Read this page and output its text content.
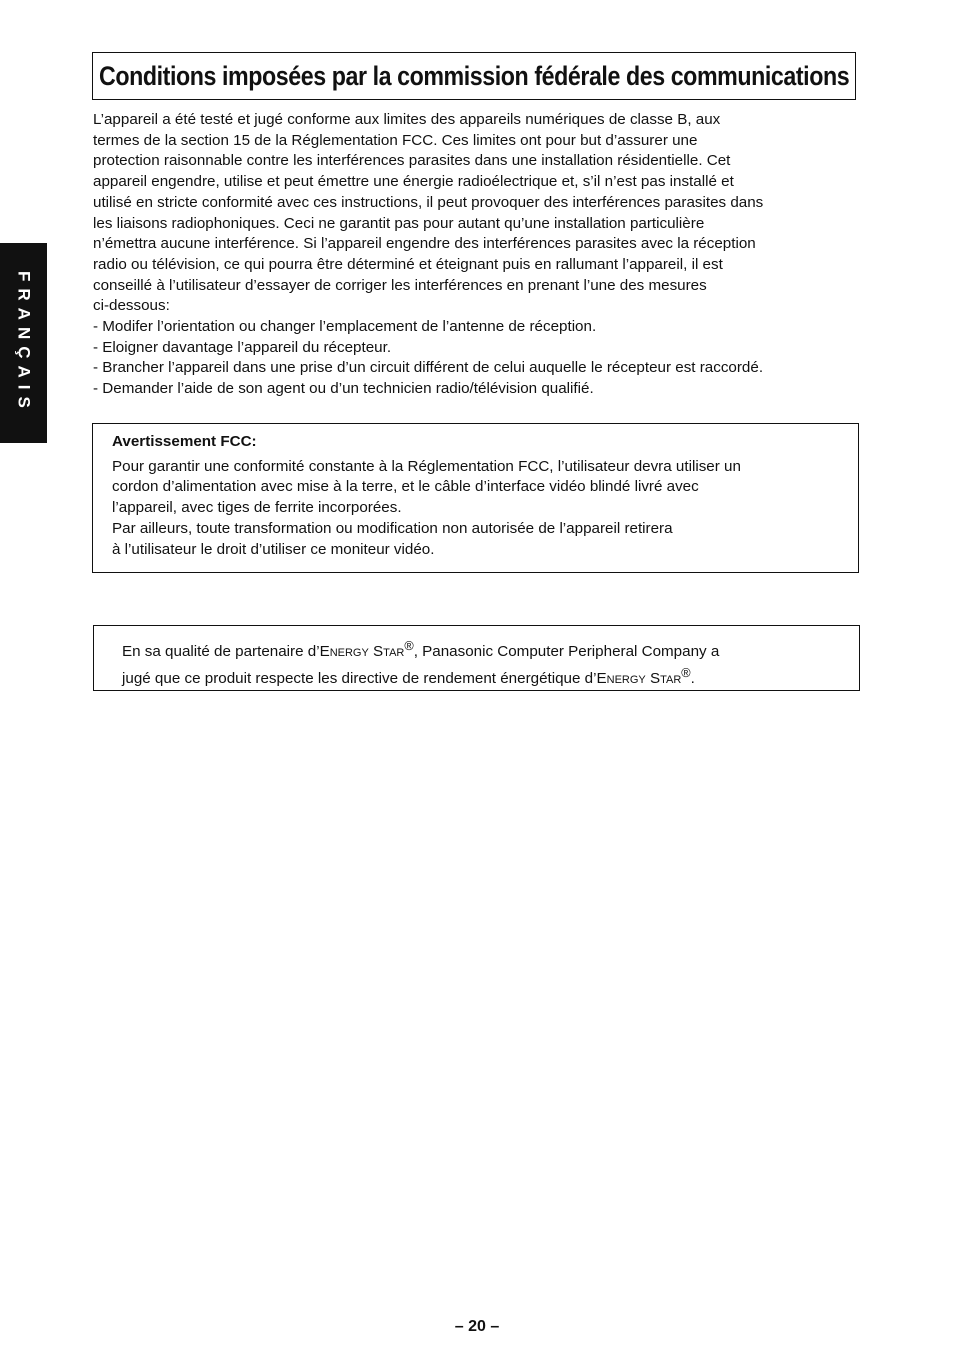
Conditions imposées par la commission fédérale des communications
FRANÇAIS

L’appareil a été testé et jugé conforme aux limites des appareils numériques de classe B, aux
termes de la section 15 de la Réglementation FCC. Ces limites ont pour but d’assurer une
protection raisonnable contre les interférences parasites dans une installation résidentielle. Cet
appareil engendre, utilise et peut émettre une énergie radioélectrique et, s’il n’est pas installé et
utilisé en stricte conformité avec ces instructions, il peut provoquer des interférences parasites dans
les liaisons radiophoniques. Ceci ne garantit pas pour autant qu’une installation particulière
n’émettra aucune interférence. Si l’appareil engendre des interférences parasites avec la réception
radio ou télévision, ce qui pourra être déterminé et éteignant puis en rallumant l’appareil, il est
conseillé à l’utilisateur d’essayer de corriger les interférences en prenant l’une des mesures
ci-dessous:

- Modifer l’orientation ou changer l’emplacement de l’antenne de réception.
- Eloigner davantage l’appareil du récepteur.
- Brancher l’appareil dans une prise d’un circuit différent de celui auquelle le récepteur est raccordé.
- Demander l’aide de son agent ou d’un technicien radio/télévision qualifié.
Avertissement FCC:

Pour garantir une conformité constante à la Réglementation FCC, l’utilisateur devra utiliser un
cordon d’alimentation avec mise à la terre, et le câble d’interface vidéo blindé livré avec
l’appareil, avec tiges de ferrite incorporées.
Par ailleurs, toute transformation ou modification non autorisée de l’appareil retirera
à l’utilisateur le droit d’utiliser ce moniteur vidéo.

En sa qualité de partenaire d’Energy Star®, Panasonic Computer Peripheral Company a
jugé que ce produit respecte les directive de rendement énergétique d’Energy Star®.

– 20 –
